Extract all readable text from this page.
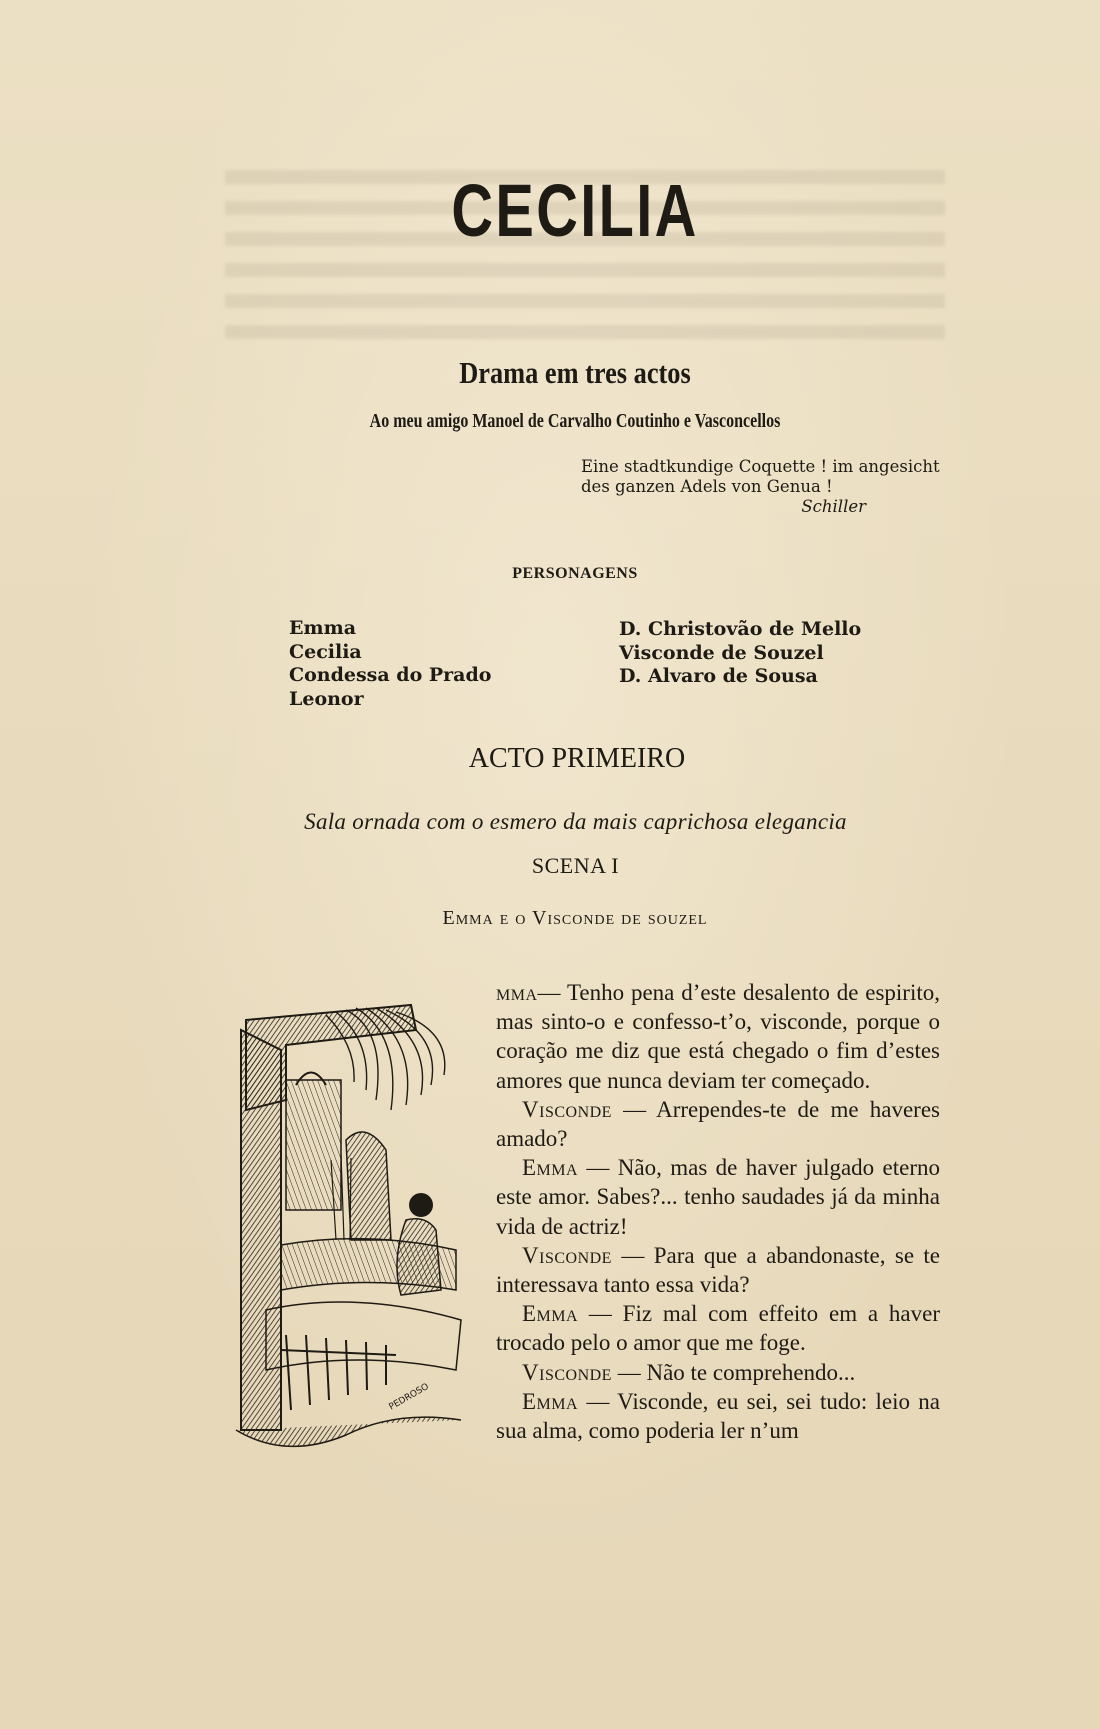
CECILIA
Drama em tres actos
Ao meu amigo Manoel de Carvalho Coutinho e Vasconcellos
Eine stadtkundige Coquette ! im angesicht
des ganzen Adels von Genua !
Schiller
PERSONAGENS
Emma
Cecilia
Condessa do Prado
Leonor
D. Christovão de Mello
Visconde de Souzel
D. Alvaro de Sousa
ACTO PRIMEIRO
Sala ornada com o esmero da mais caprichosa elegancia
SCENA I
Emma e o Visconde de souzel
PEDROSO

mma— Tenho pena d’este desalento de espirito, mas sinto-o e confesso-t’o, visconde, porque o coração me diz que está chegado o fim d’estes amores que nunca deviam ter começado.

Visconde — Arrependes-te de me haveres amado?

Emma — Não, mas de haver julgado eterno este amor. Sabes?... tenho saudades já da minha vida de actriz!

Visconde — Para que a abandonaste, se te interessava tanto essa vida?

Emma — Fiz mal com effeito em a haver trocado pelo o amor que me foge.

Visconde — Não te comprehendo...

Emma — Visconde, eu sei, sei tudo: leio na sua alma, como poderia ler n’um
